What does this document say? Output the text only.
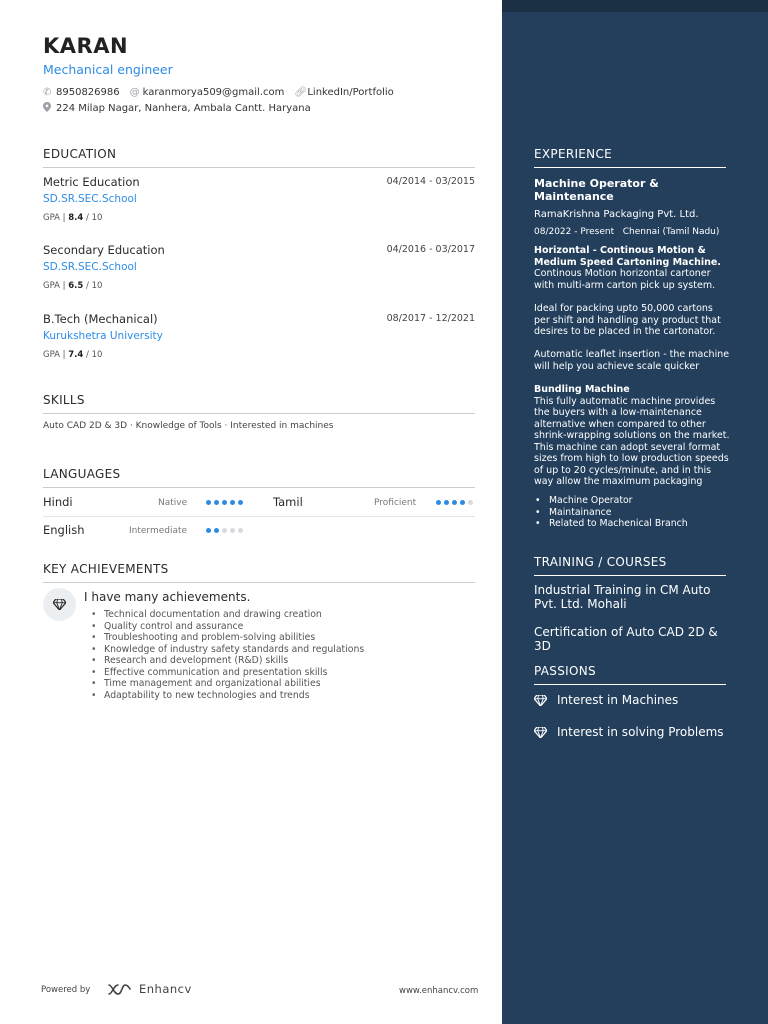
KARAN
Mechanical engineer
✆ 8950826986 @ karanmorya509@gmail.com 🔗︎ LinkedIn/Portfolio
224 Milap Nagar, Nanhera, Ambala Cantt. Haryana
EDUCATION
Metric Education	04/2014 - 03/2015
SD.SR.SEC.School
GPA | 8.4 / 10
Secondary Education	04/2016 - 03/2017
SD.SR.SEC.School
GPA | 6.5 / 10
B.Tech (Mechanical)	08/2017 - 12/2021
Kurukshetra University
GPA | 7.4 / 10
SKILLS
Auto CAD 2D & 3D · Knowledge of Tools · Interested in machines
LANGUAGES
Hindi	Native	Tamil	Proficient
English	Intermediate
KEY ACHIEVEMENTS
I have many achievements.
• Technical documentation and drawing creation
• Quality control and assurance
• Troubleshooting and problem-solving abilities
• Knowledge of industry safety standards and regulations
• Research and development (R&D) skills
• Effective communication and presentation skills
• Time management and organizational abilities
• Adaptability to new technologies and trends
Powered by	Enhancv	www.enhancv.com
EXPERIENCE
Machine Operator & Maintenance
RamaKrishna Packaging Pvt. Ltd.
08/2022 - Present Chennai (Tamil Nadu)
Horizontal - Continous Motion & Medium Speed Cartoning Machine.
Continous Motion horizontal cartoner with multi-arm carton pick up system.
Ideal for packing upto 50,000 cartons per shift and handling any product that desires to be placed in the cartonator.
Automatic leaflet insertion - the machine will help you achieve scale quicker
Bundling Machine
This fully automatic machine provides the buyers with a low-maintenance alternative when compared to other shrink-wrapping solutions on the market. This machine can adopt several format sizes from high to low production speeds of up to 20 cycles/minute, and in this way allow the maximum packaging
• Machine Operator
• Maintainance
• Related to Machenical Branch
TRAINING / COURSES
Industrial Training in CM Auto Pvt. Ltd. Mohali
Certification of Auto CAD 2D & 3D
PASSIONS
Interest in Machines
Interest in solving Problems
